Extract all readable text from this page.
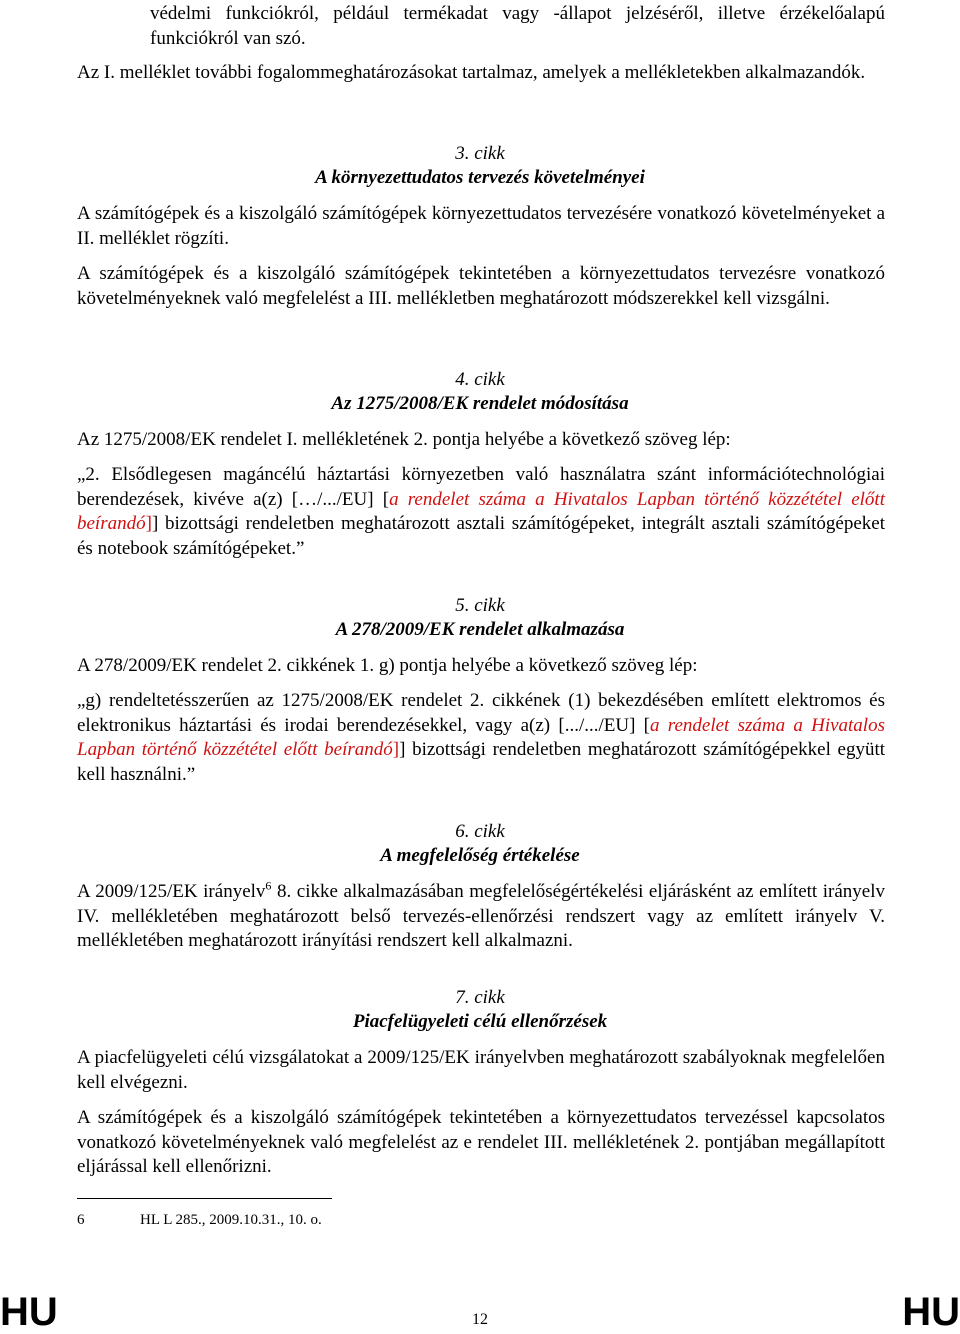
védelmi funkciókról, például termékadat vagy -állapot jelzéséről, illetve érzékelőalapú funkciókról van szó.
Az I. melléklet további fogalommeghatározásokat tartalmaz, amelyek a mellékletekben alkalmazandók.
3. cikk
A környezettudatos tervezés követelményei
A számítógépek és a kiszolgáló számítógépek környezettudatos tervezésére vonatkozó követelményeket a II. melléklet rögzíti.
A számítógépek és a kiszolgáló számítógépek tekintetében a környezettudatos tervezésre vonatkozó követelményeknek való megfelelést a III. mellékletben meghatározott módszerekkel kell vizsgálni.
4. cikk
Az 1275/2008/EK rendelet módosítása
Az 1275/2008/EK rendelet I. mellékletének 2. pontja helyébe a következő szöveg lép:
„2. Elsődlegesen magáncélú háztartási környezetben való használatra szánt információtechnológiai berendezések, kivéve a(z) […/.../EU] [a rendelet száma a Hivatalos Lapban történő közzététel előtt beírandó]] bizottsági rendeletben meghatározott asztali számítógépeket, integrált asztali számítógépeket és notebook számítógépeket.”
5. cikk
A 278/2009/EK rendelet alkalmazása
A 278/2009/EK rendelet 2. cikkének 1. g) pontja helyébe a következő szöveg lép:
„g) rendeltetésszerűen az 1275/2008/EK rendelet 2. cikkének (1) bekezdésében említett elektromos és elektronikus háztartási és irodai berendezésekkel, vagy a(z) [.../.../EU] [a rendelet száma a Hivatalos Lapban történő közzététel előtt beírandó]] bizottsági rendeletben meghatározott számítógépekkel együtt kell használni.”
6. cikk
A megfelelőség értékelése
A 2009/125/EK irányelv$^6$ 8. cikke alkalmazásában megfelelőségértékelési eljárásként az említett irányelv IV. mellékletében meghatározott belső tervezés-ellenőrzési rendszert vagy az említett irányelv V. mellékletében meghatározott irányítási rendszert kell alkalmazni.
7. cikk
Piacfelügyeleti célú ellenőrzések
A piacfelügyeleti célú vizsgálatokat a 2009/125/EK irányelvben meghatározott szabályoknak megfelelően kell elvégezni.
A számítógépek és a kiszolgáló számítógépek tekintetében a környezettudatos tervezéssel kapcsolatos vonatkozó követelményeknek való megfelelést az e rendelet III. mellékletének 2. pontjában megállapított eljárással kell ellenőrizni.
6	HL L 285., 2009.10.31., 10. o.
HU	12	HU
